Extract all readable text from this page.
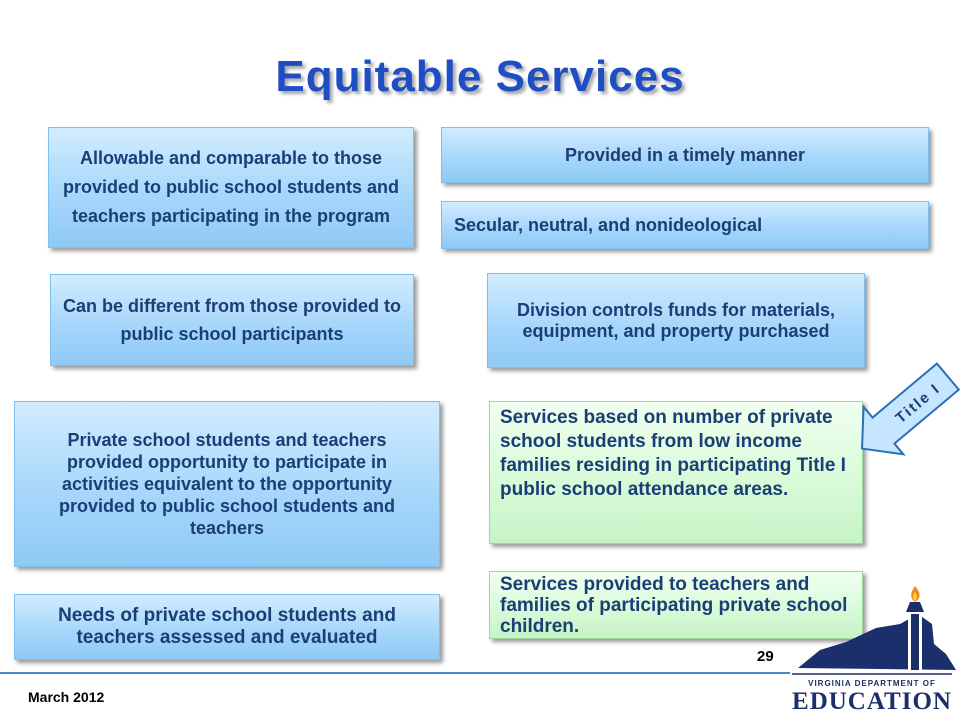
Equitable Services
Allowable and comparable to those provided to public school students and teachers participating in the program
Provided in a timely manner
Secular, neutral, and nonideological
Can be different from those provided to public school participants
Division controls funds for materials, equipment, and property purchased
Private school students and teachers provided opportunity to participate in activities equivalent to the opportunity provided to public school students and teachers
Services based on number of private school students from low income families residing in participating Title I public school attendance areas.
Services provided to teachers and families of participating private school children.
Needs of private school students and teachers assessed and evaluated
Title I
29
March 2012
VIRGINIA DEPARTMENT OF
EDUCATION
